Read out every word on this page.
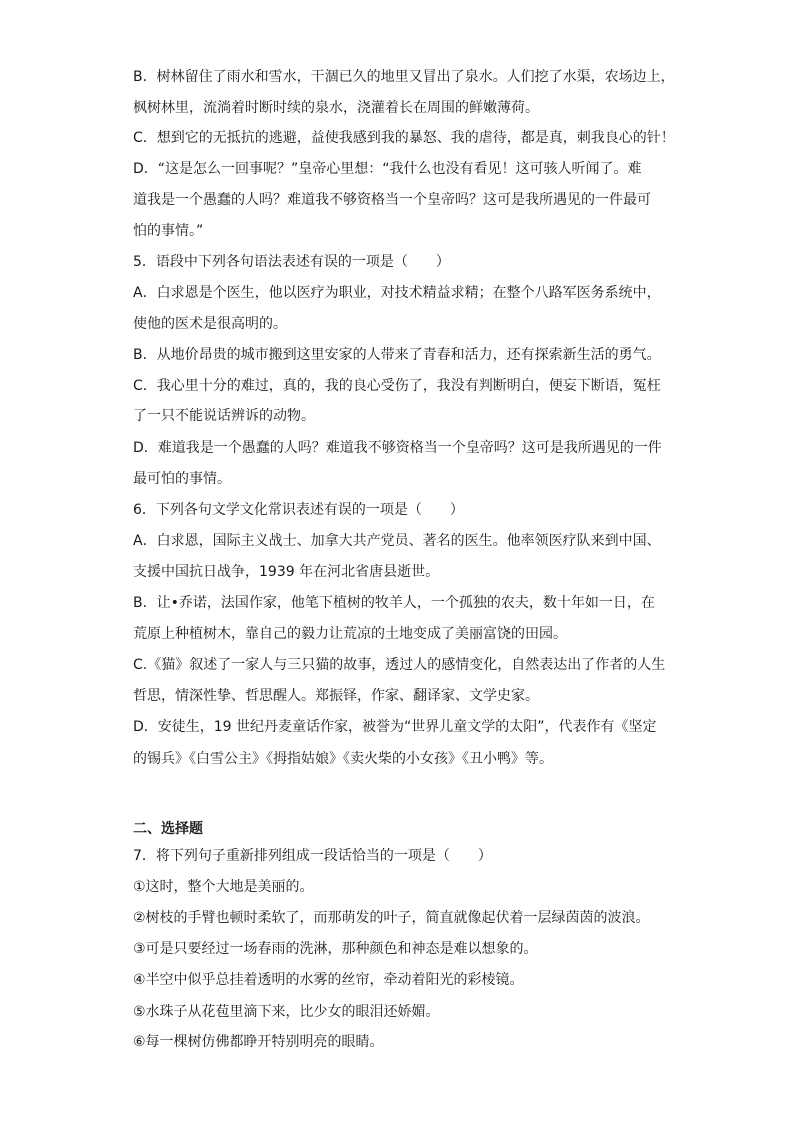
B．树林留住了雨水和雪水，干涸已久的地里又冒出了泉水。人们挖了水渠，农场边上，
枫树林里，流淌着时断时续的泉水，浇灌着长在周围的鲜嫩薄荷。
C．想到它的无抵抗的逃避，益使我感到我的暴怒、我的虐待，都是真，刺我良心的针！
D．“这是怎么一回事呢？”皇帝心里想：“我什么也没有看见！这可骇人听闻了。难
道我是一个愚蠢的人吗？难道我不够资格当一个皇帝吗？这可是我所遇见的一件最可
怕的事情。”
5．语段中下列各句语法表述有误的一项是（　　）
A．白求恩是个医生，他以医疗为职业，对技术精益求精；在整个八路军医务系统中，
使他的医术是很高明的。
B．从地价昂贵的城市搬到这里安家的人带来了青春和活力，还有探索新生活的勇气。
C．我心里十分的难过，真的，我的良心受伤了，我没有判断明白，便妄下断语，冤枉
了一只不能说话辨诉的动物。
D．难道我是一个愚蠢的人吗？难道我不够资格当一个皇帝吗？这可是我所遇见的一件
最可怕的事情。
6．下列各句文学文化常识表述有误的一项是（　　）
A．白求恩，国际主义战士、加拿大共产党员、著名的医生。他率领医疗队来到中国、
支援中国抗日战争，1939 年在河北省唐县逝世。
B．让•乔诺，法国作家，他笔下植树的牧羊人，一个孤独的农夫，数十年如一日，在
荒原上种植树木，靠自己的毅力让荒凉的土地变成了美丽富饶的田园。
C.《猫》叙述了一家人与三只猫的故事，透过人的感情变化，自然表达出了作者的人生
哲思，情深性挚、哲思醒人。郑振铎，作家、翻译家、文学史家。
D．安徒生，19 世纪丹麦童话作家，被誉为“世界儿童文学的太阳”，代表作有《坚定
的锡兵》《白雪公主》《拇指姑娘》《卖火柴的小女孩》《丑小鸭》等。
二、选择题
7．将下列句子重新排列组成一段话恰当的一项是（　　）
①这时，整个大地是美丽的。
②树枝的手臂也顿时柔软了，而那萌发的叶子，简直就像起伏着一层绿茵茵的波浪。
③可是只要经过一场春雨的洗淋，那种颜色和神态是难以想象的。
④半空中似乎总挂着透明的水雾的丝帘，牵动着阳光的彩棱镜。
⑤水珠子从花苞里滴下来，比少女的眼泪还娇媚。
⑥每一棵树仿佛都睁开特别明亮的眼睛。
